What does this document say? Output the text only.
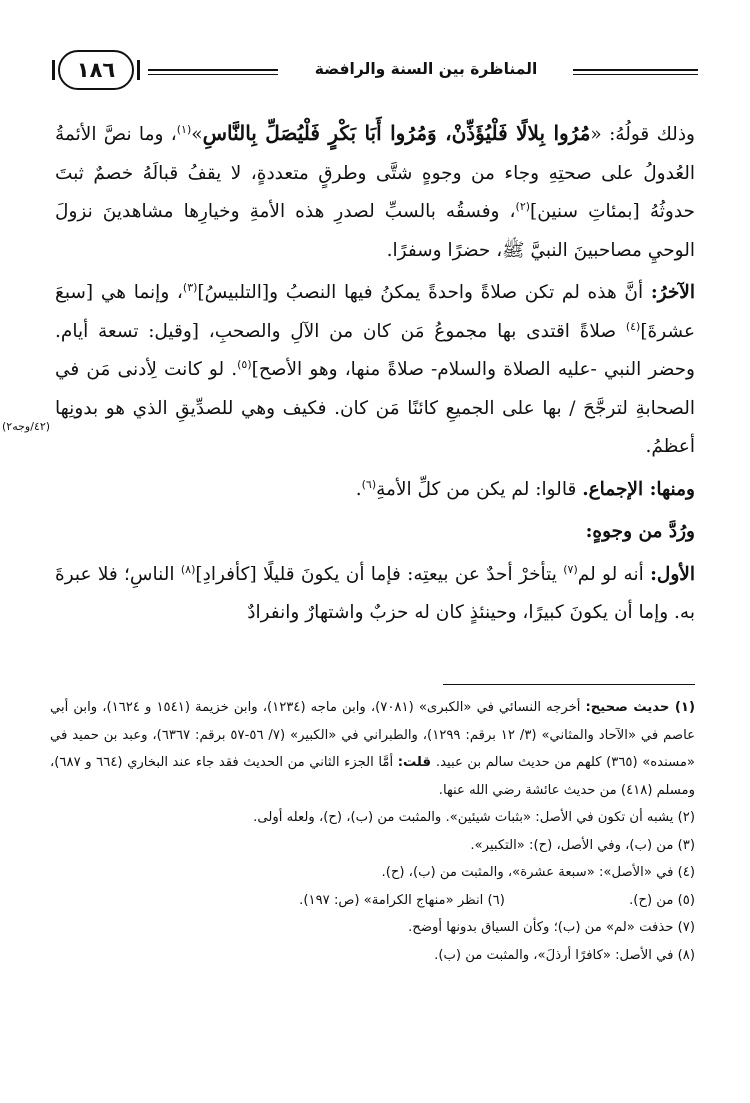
١٨٦	المناظرة بين السنة والرافضة
(٤٢/وجه٢)

وذلك قولُهُ: «مُرُوا بِلالًا فَلْيُؤَذِّنْ، وَمُرُوا أَبَا بَكْرٍ فَلْيُصَلِّ بِالنَّاسِ»$^{(١)}$، وما نصَّ الأئمةُ العُدولُ على صحتِهِ وجاء من وجوهٍ شتَّى وطرقٍ متعددةٍ، لا يقفُ قبالَهُ خصمٌ ثبتَ حدوثُهُ [بمئاتِ سنين]$^{(٢)}$، وفسقُه بالسبِّ لصدرِ هذه الأمةِ وخيارِها مشاهدينَ نزولَ الوحيِ مصاحبينَ النبيَّ ﷺ، حضرًا وسفرًا.

الآخرُ: أنَّ هذه لم تكن صلاةً واحدةً يمكنُ فيها النصبُ و[التلبيسُ]$^{(٣)}$، وإنما هي [سبعَ عشرةَ]$^{(٤)}$ صلاةً اقتدى بها مجموعُ مَن كان من الآلِ والصحبِ، [وقيل: تسعة أيام. وحضر النبي -عليه الصلاة والسلام- صلاةً منها، وهو الأصح]$^{(٥)}$. لو كانت لِأدنى مَن في الصحابةِ لترجَّحَ / بها على الجميعِ كائنًا مَن كان. فكيف وهي للصدِّيقِ الذي هو بدونِها أعظمُ.

ومنها: الإجماع. قالوا: لم يكن من كلِّ الأمةِ$^{(٦)}$.

ورُدَّ من وجوهٍ:

الأول: أنه لو لم$^{(٧)}$ يتأخرْ أحدٌ عن بيعتِه: فإما أن يكونَ قليلًا [كأفرادِ]$^{(٨)}$ الناسِ؛ فلا عبرةَ به. وإما أن يكونَ كبيرًا، وحينئذٍ كان له حزبٌ واشتهارٌ وانفرادٌ

(١) حديث صحيح: أخرجه النسائي في «الكبرى» (٧٠٨١)، وابن ماجه (١٢٣٤)، وابن خزيمة (١٥٤١ و ١٦٢٤)، وابن أبي عاصم في «الآحاد والمثاني» (٣/ ١٢ برقم: ١٢٩٩)، والطبراني في «الكبير» (٧/ ٥٦-٥٧ برقم: ٦٣٦٧)، وعبد بن حميد في «مسنده» (٣٦٥) كلهم من حديث سالم بن عبيد. قلت: أمَّا الجزء الثاني من الحديث فقد جاء عند البخاري (٦٦٤ و ٦٨٧)، ومسلم (٤١٨) من حديث عائشة رضي الله عنها.

(٢) يشبه أن تكون في الأصل: «بثبات شيئين». والمثبت من (ب)، (ح)، ولعله أولى.

(٣) من (ب)، وفي الأصل، (ح): «التكبير».

(٤) في «الأصل»: «سبعة عشرة»، والمثبت من (ب)، (ح).

(٥) من (ح). (٦) انظر «منهاج الكرامة» (ص: ١٩٧).

(٧) حذفت «لم» من (ب)؛ وكأن السياق بدونها أوضح.

(٨) في الأصل: «كافرًا أرذلَ»، والمثبت من (ب).
